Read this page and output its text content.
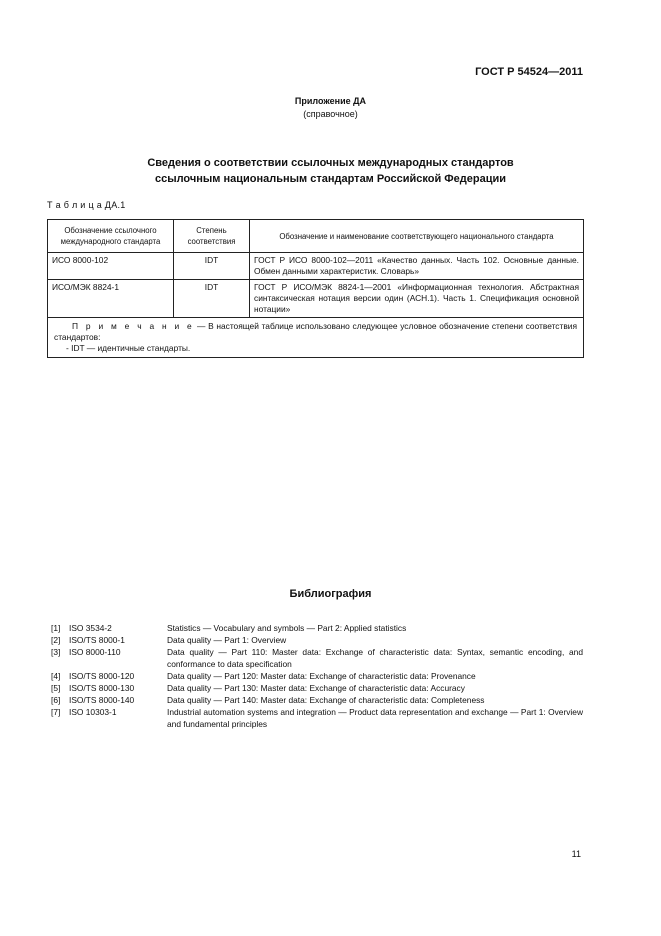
ГОСТ Р 54524—2011
Приложение ДА
(справочное)
Сведения о соответствии ссылочных международных стандартов
ссылочным национальным стандартам Российской Федерации
Т а б л и ц а ДА.1
Обозначение ссылочного международного стандарта	Степень соответствия	Обозначение и наименование соответствующего национального стандарта
ИСО 8000-102	IDT	ГОСТ Р ИСО 8000-102—2011 «Качество данных. Часть 102. Основные данные. Обмен данными характеристик. Словарь»
ИСО/МЭК 8824-1	IDT	ГОСТ Р ИСО/МЭК 8824-1—2001 «Информационная технология. Абстрактная синтаксическая нотация версии один (АСН.1). Часть 1. Спецификация основной нотации»

П р и м е ч а н и е — В настоящей таблице использовано следующее условное обозначение степени соответствия стандартов:
- IDT — идентичные стандарты.		
Библиография
[1]	ISO 3534-2	Statistics — Vocabulary and symbols — Part 2: Applied statistics
[2]	ISO/TS 8000-1	Data quality — Part 1: Overview
[3]	ISO 8000-110	Data quality — Part 110: Master data: Exchange of characteristic data: Syntax, semantic encoding, and conformance to data specification
[4]	ISO/TS 8000-120	Data quality — Part 120: Master data: Exchange of characteristic data: Provenance
[5]	ISO/TS 8000-130	Data quality — Part 130: Master data: Exchange of characteristic data: Accuracy
[6]	ISO/TS 8000-140	Data quality — Part 140: Master data: Exchange of characteristic data: Completeness
[7]	ISO 10303-1	Industrial automation systems and integration — Product data representation and exchange — Part 1: Overview and fundamental principles
11
